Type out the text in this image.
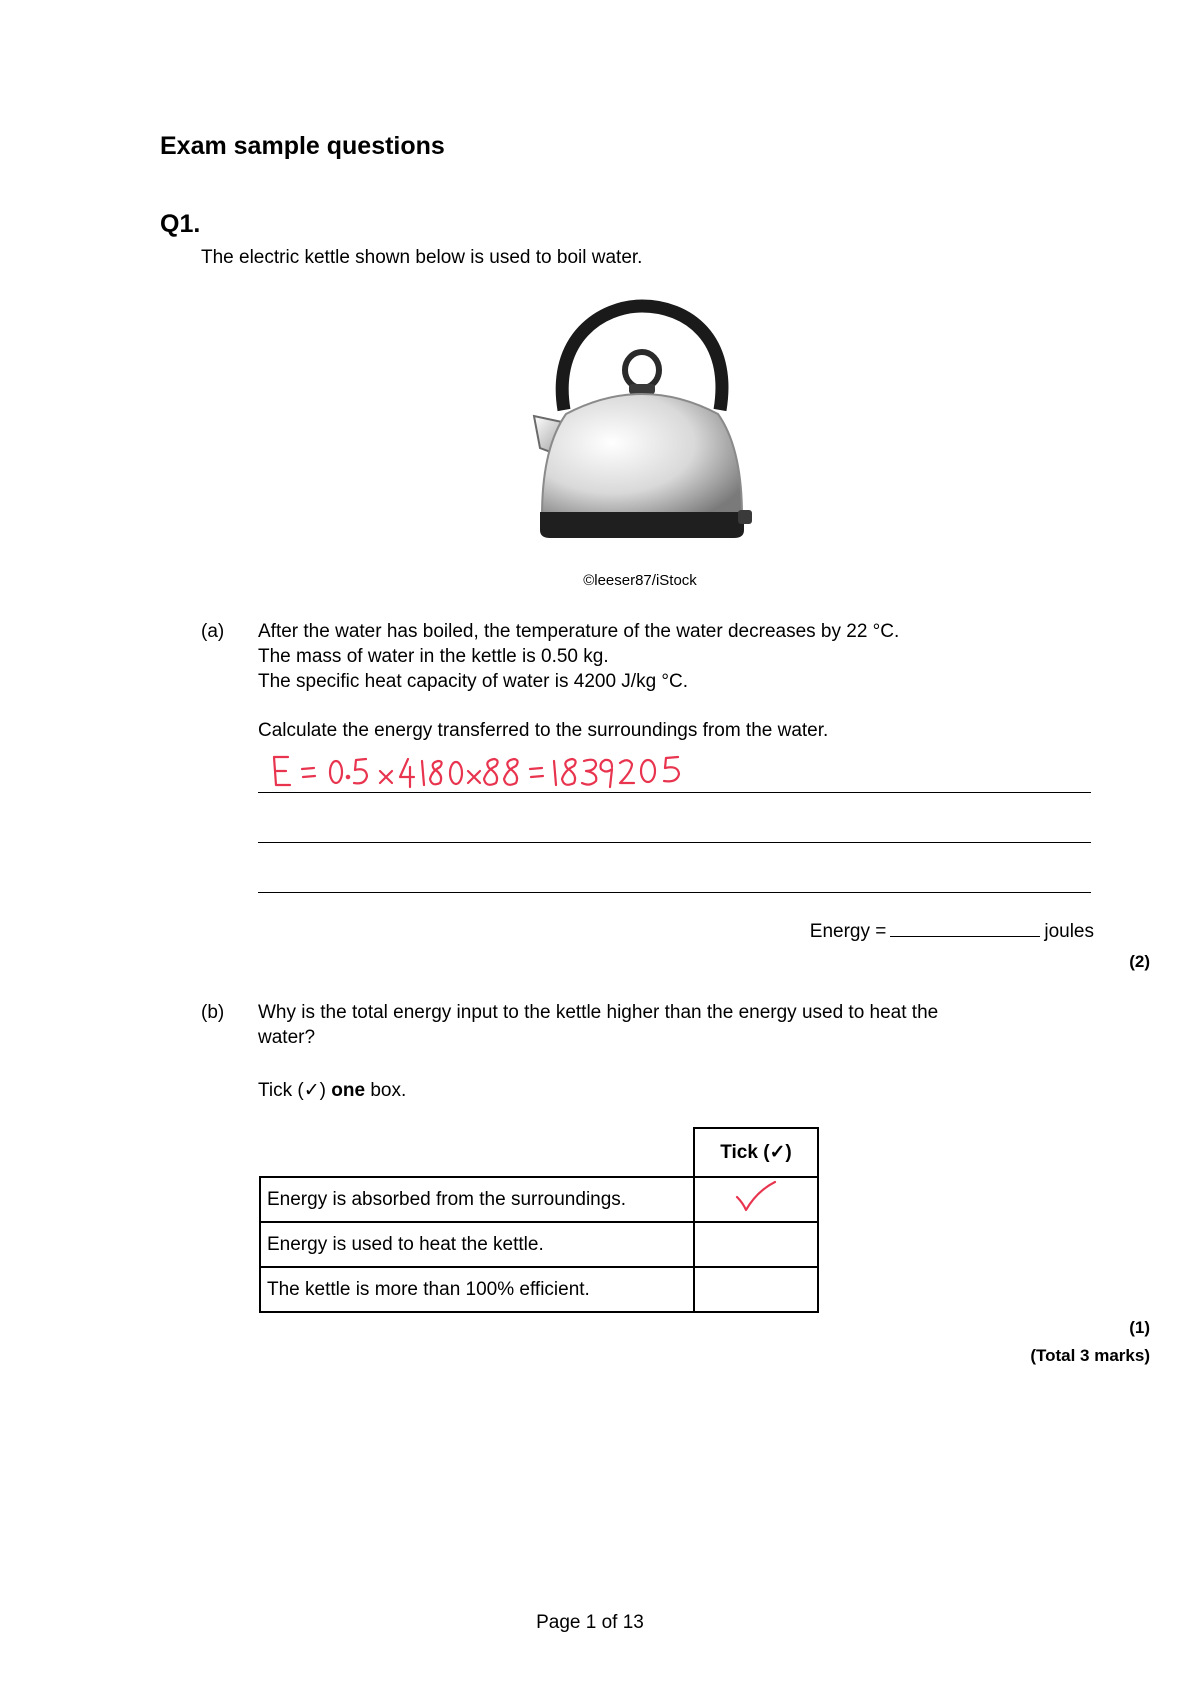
Exam sample questions
Q1.
The electric kettle shown below is used to boil water.
©leeser87/iStock
(a) After the water has boiled, the temperature of the water decreases by 22 °C.
The mass of water in the kettle is 0.50 kg.
The specific heat capacity of water is 4200 J/kg °C.
Calculate the energy transferred to the surroundings from the water.
Energy =	joules
(2)
(b) Why is the total energy input to the kettle higher than the energy used to heat the
water?
Tick (✓) one box.
	Tick (✓)
Energy is absorbed from the surroundings.	
Energy is used to heat the kettle.	
The kettle is more than 100% efficient.	
(1)
(Total 3 marks)
Page 1 of 13
